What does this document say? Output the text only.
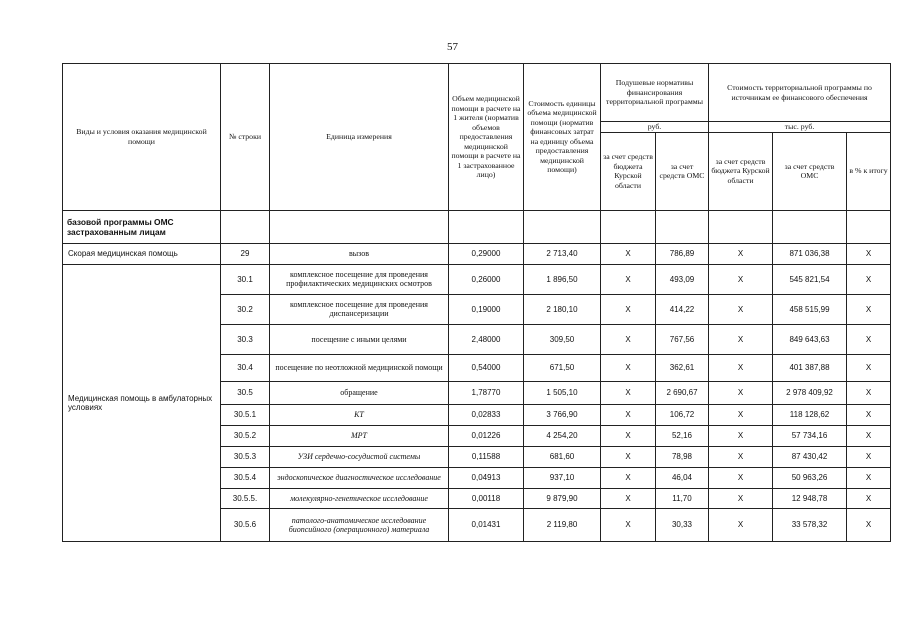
57
Виды и условия оказания медицинской помощи	№ строки	Единица измерения	Объем медицинской помощи в расчете на 1 жителя (норматив объемов предоставления медицинской помощи в расчете на 1 застрахованное лицо)	Стоимость единицы объема медицинской помощи (норматив финансовых затрат на единицу объема предоставления медицинской помощи)	Подушевые нормативы финансирования территориальной программы		Стоимость территориальной программы по источникам ее финансового обеспечения		
					руб.		тыс. руб.		
					за счет средств бюджета Курской области	за счет средств ОМС	за счет средств бюджета Курской области	за счет средств ОМС	в % к итогу
базовой программы ОМС застрахованным лицам									
Скорая медицинская помощь	29	вызов	0,29000	2 713,40	Х	786,89	Х	871 036,38	Х
Медицинская помощь в амбулаторных условиях	30.1	комплексное посещение для проведения профилактических медицинских осмотров	0,26000	1 896,50	Х	493,09	Х	545 821,54	Х
	30.2	комплексное посещение для проведения диспансеризации	0,19000	2 180,10	Х	414,22	Х	458 515,99	Х
	30.3	посещение с иными целями	2,48000	309,50	Х	767,56	Х	849 643,63	Х
	30.4	посещение по неотложной медицинской помощи	0,54000	671,50	Х	362,61	Х	401 387,88	Х
	30.5	обращение	1,78770	1 505,10	Х	2 690,67	Х	2 978 409,92	Х
	30.5.1	КТ	0,02833	3 766,90	Х	106,72	Х	118 128,62	Х
	30.5.2	МРТ	0,01226	4 254,20	Х	52,16	Х	57 734,16	Х
	30.5.3	УЗИ сердечно-сосудистой системы	0,11588	681,60	Х	78,98	Х	87 430,42	Х
	30.5.4	эндоскопическое диагностическое исследование	0,04913	937,10	Х	46,04	Х	50 963,26	Х
	30.5.5.	молекулярно-генетическое исследование	0,00118	9 879,90	Х	11,70	Х	12 948,78	Х
	30.5.6	патолого-анатомическое исследование биопсийного (операционного) материала	0,01431	2 119,80	Х	30,33	Х	33 578,32	Х
